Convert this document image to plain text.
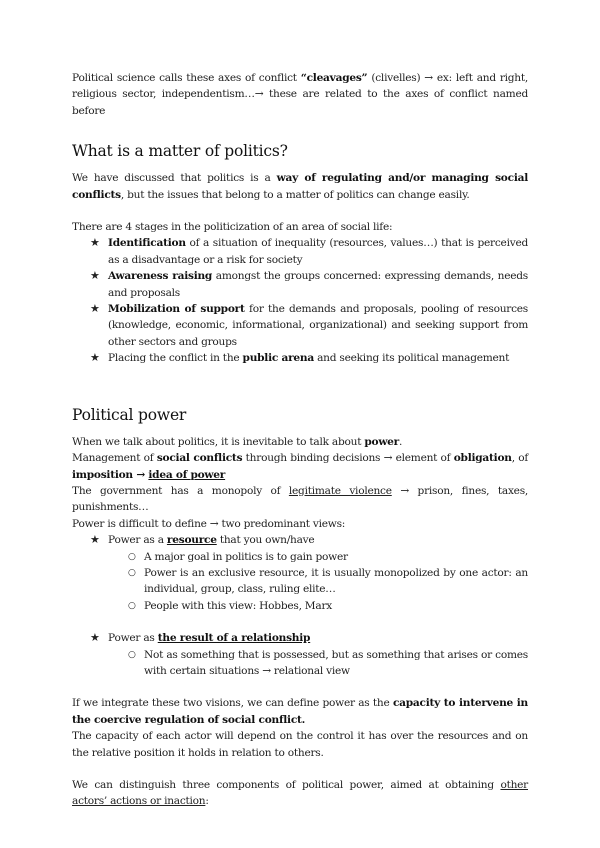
Political science calls these axes of conflict “cleavages” (clivelles) → ex: left and right, religious sector, independentism…→ these are related to the axes of conflict named before

What is a matter of politics?

We have discussed that politics is a way of regulating and/or managing social conflicts, but the issues that belong to a matter of politics can change easily.

There are 4 stages in the politicization of an area of social life:

★ Identification of a situation of inequality (resources, values…) that is perceived as a disadvantage or a risk for society
★ Awareness raising amongst the groups concerned: expressing demands, needs and proposals
★ Mobilization of support for the demands and proposals, pooling of resources (knowledge, economic, informational, organizational) and seeking support from other sectors and groups
★ Placing the conflict in the public arena and seeking its political management
Political power

When we talk about politics, it is inevitable to talk about power.

Management of social conflicts through binding decisions → element of obligation, of imposition → idea of power

The government has a monopoly of legitimate violence → prison, fines, taxes, punishments…

Power is difficult to define → two predominant views:

★ Power as a resource that you own/have
○ A major goal in politics is to gain power
○ Power is an exclusive resource, it is usually monopolized by one actor: an individual, group, class, ruling elite…
○ People with this view: Hobbes, Marx
★ Power as the result of a relationship
○ Not as something that is possessed, but as something that arises or comes with certain situations → relational view

If we integrate these two visions, we can define power as the capacity to intervene in the coercive regulation of social conflict.

The capacity of each actor will depend on the control it has over the resources and on the relative position it holds in relation to others.

We can distinguish three components of political power, aimed at obtaining other actors’ actions or inaction:
